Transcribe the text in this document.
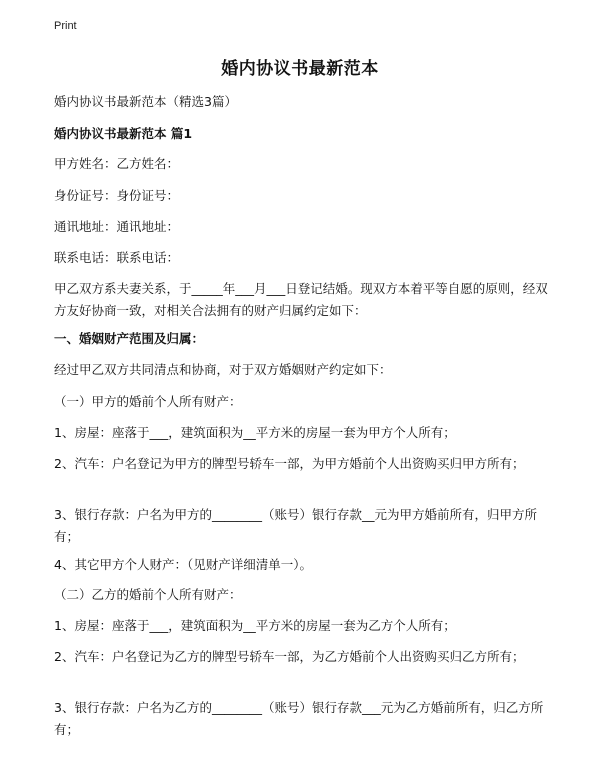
Print
婚内协议书最新范本
婚内协议书最新范本（精选3篇）
婚内协议书最新范本 篇1
甲方姓名：乙方姓名：
身份证号：身份证号：
通讯地址：通讯地址：
联系电话：联系电话：
甲乙双方系夫妻关系，于_____年___月___日登记结婚。现双方本着平等自愿的原则，经双方友好协商一致，对相关合法拥有的财产归属约定如下：
一、婚姻财产范围及归属：
经过甲乙双方共同清点和协商，对于双方婚姻财产约定如下：
（一）甲方的婚前个人所有财产：
1、房屋：座落于___，建筑面积为__平方米的房屋一套为甲方个人所有；
2、汽车：户名登记为甲方的牌型号轿车一部，为甲方婚前个人出资购买归甲方所有；
3、银行存款：户名为甲方的________（账号）银行存款__元为甲方婚前所有，归甲方所有；
4、其它甲方个人财产：（见财产详细清单一）。
（二）乙方的婚前个人所有财产：
1、房屋：座落于___，建筑面积为__平方米的房屋一套为乙方个人所有；
2、汽车：户名登记为乙方的牌型号轿车一部，为乙方婚前个人出资购买归乙方所有；
3、银行存款：户名为乙方的________（账号）银行存款___元为乙方婚前所有，归乙方所有；
